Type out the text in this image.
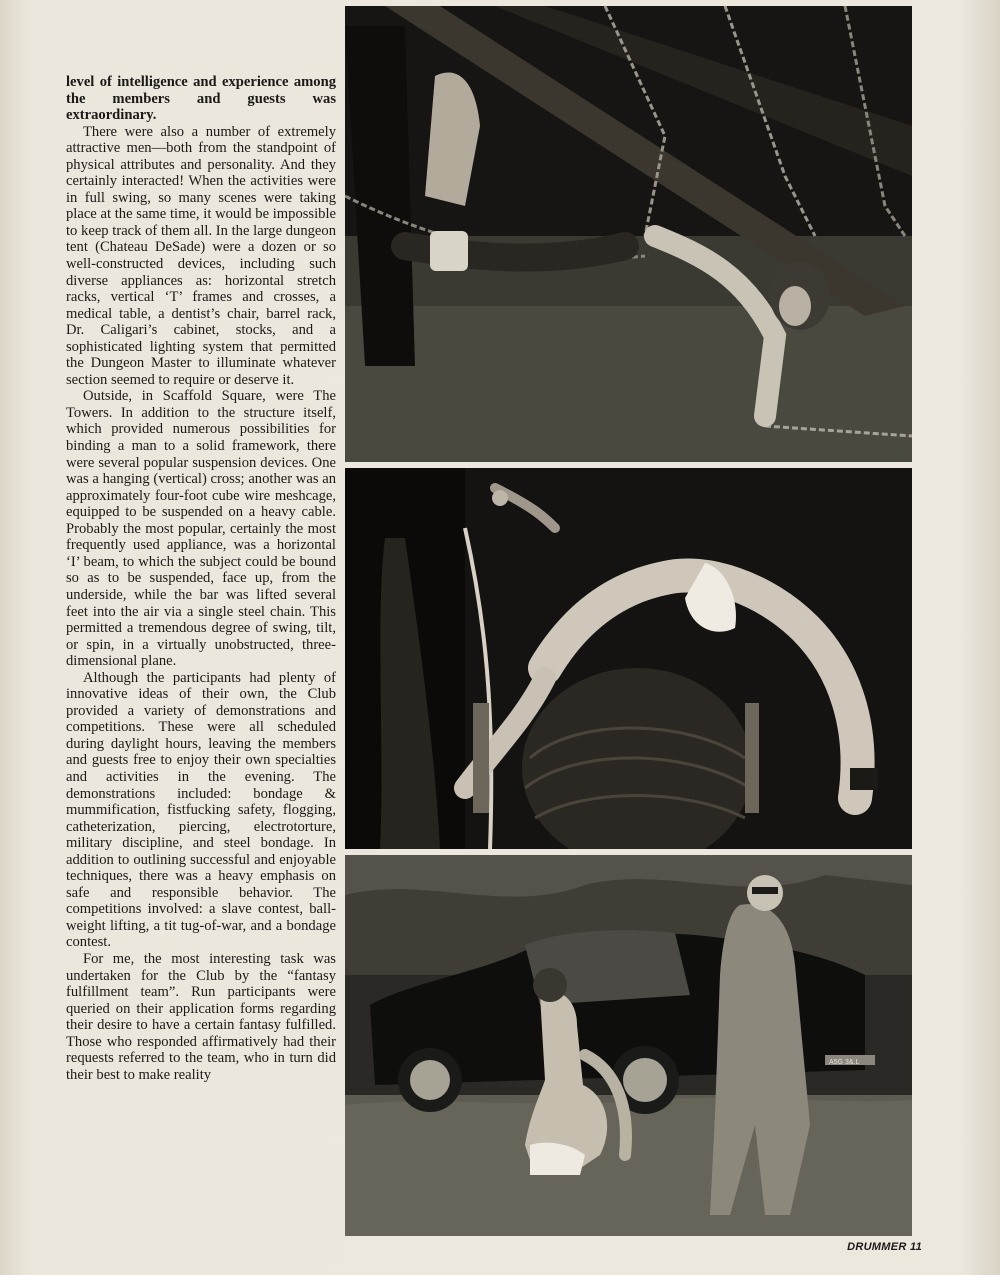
level of intelligence and experience among the members and guests was extraordinary.

There were also a number of extremely attractive men—both from the standpoint of physical attributes and personality. And they certainly interacted! When the activities were in full swing, so many scenes were taking place at the same time, it would be impossible to keep track of them all. In the large dungeon tent (Chateau DeSade) were a dozen or so well-constructed devices, including such diverse appliances as: horizontal stretch racks, vertical ‘T’ frames and crosses, a medical table, a dentist’s chair, barrel rack, Dr. Caligari’s cabinet, stocks, and a sophisticated lighting system that permitted the Dungeon Master to illuminate whatever section seemed to require or deserve it.

Outside, in Scaffold Square, were The Towers. In addition to the structure itself, which provided numerous possibilities for binding a man to a solid framework, there were several popular suspension devices. One was a hanging (vertical) cross; another was an approximately four-foot cube wire meshcage, equipped to be suspended on a heavy cable. Probably the most popular, certainly the most frequently used appliance, was a horizontal ‘I’ beam, to which the subject could be bound so as to be suspended, face up, from the underside, while the bar was lifted several feet into the air via a single steel chain. This permitted a tremendous degree of swing, tilt, or spin, in a virtually unobstructed, three-dimensional plane.

Although the participants had plenty of innovative ideas of their own, the Club provided a variety of demonstrations and competitions. These were all scheduled during daylight hours, leaving the members and guests free to enjoy their own specialties and activities in the evening. The demonstrations included: bondage & mummification, fistfucking safety, flogging, catheterization, piercing, electrotorture, military discipline, and steel bondage. In addition to outlining successful and enjoyable techniques, there was a heavy emphasis on safe and responsible behavior. The competitions involved: a slave contest, ball-weight lifting, a tit tug-of-war, and a bondage contest.

For me, the most interesting task was undertaken for the Club by the “fantasy fulfillment team”. Run participants were queried on their application forms regarding their desire to have a certain fantasy fulfilled. Those who responded affirmatively had their requests referred to the team, who in turn did their best to make reality

A5G 3&.L
DRUMMER 11
